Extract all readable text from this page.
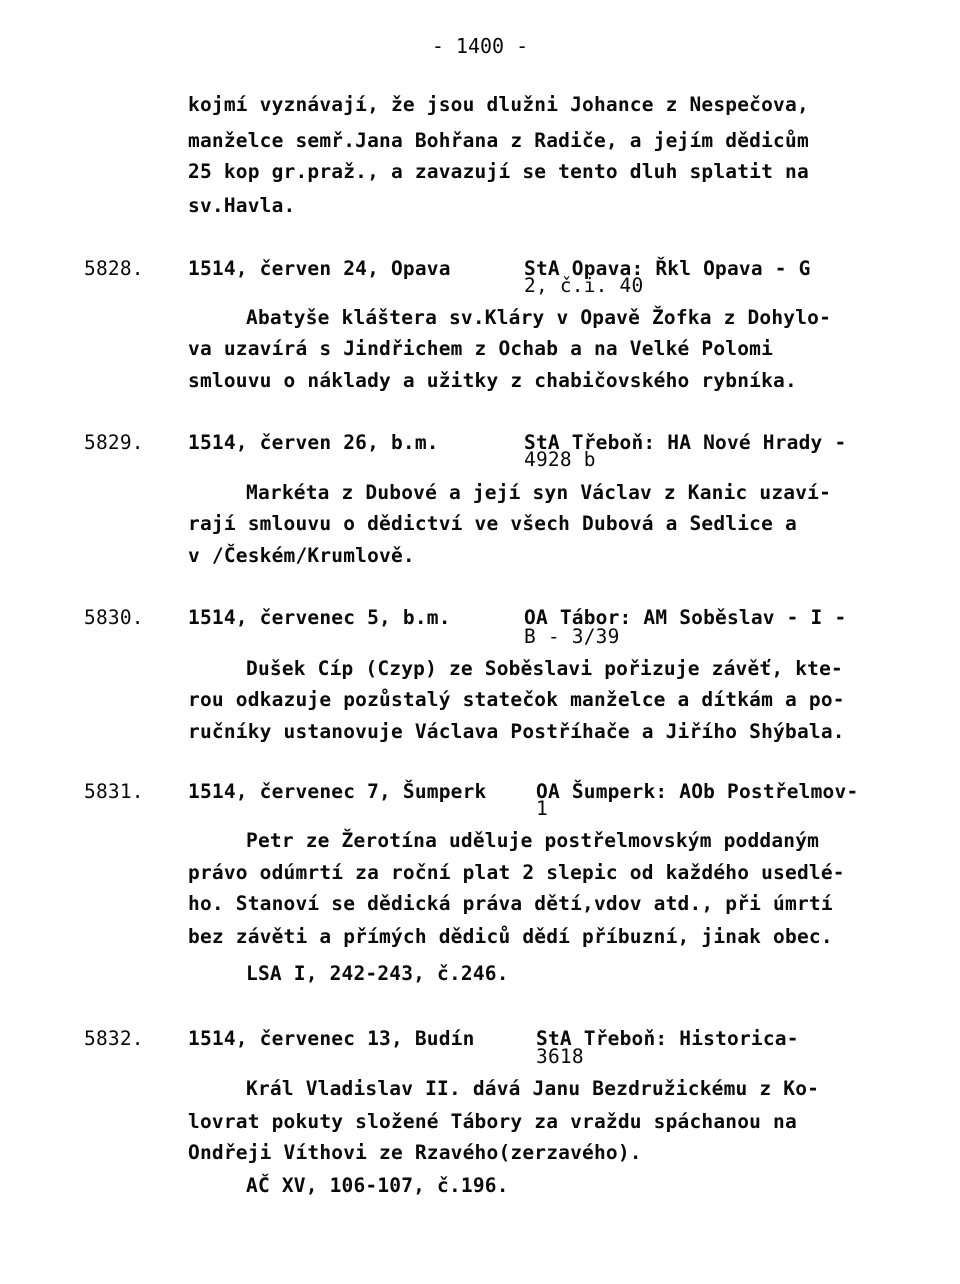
- 1400 -
kojmí vyznávají, že jsou dlužni Johance z Nespečova,
manželce semř.Jana Bohřana z Radiče, a jejím dědicům
25 kop gr.praž., a zavazují se tento dluh splatit na
sv.Havla.
5828. 1514, červen 24, Opava	StA Opava: Řkl Opava - G
2, č.i. 40
Abatyše kláštera sv.Kláry v Opavě Žofka z Dohylo-
va uzavírá s Jindřichem z Ochab a na Velké Polomi
smlouvu o náklady a užitky z chabičovského rybníka.
5829. 1514, červen 26, b.m.	StA Třeboň: HA Nové Hrady -
4928 b
Markéta z Dubové a její syn Václav z Kanic uzaví-
rají smlouvu o dědictví ve všech Dubová a Sedlice a
v /Českém/Krumlově.
5830. 1514, červenec 5, b.m.	OA Tábor: AM Soběslav - I -
B - 3/39
Dušek Cíp (Czyp) ze Soběslavi pořizuje závěť, kte-
rou odkazuje pozůstalý statečok manželce a dítkám a po-
ručníky ustanovuje Václava Postříhače a Jiřího Shýbala.
5831. 1514, červenec 7, Šumperk	OA Šumperk: AOb Postřelmov-
1
Petr ze Žerotína uděluje postřelmovským poddaným
právo odúmrtí za roční plat 2 slepic od každého usedlé-
ho. Stanoví se dědická práva dětí,vdov atd., při úmrtí
bez závěti a přímých dědiců dědí příbuzní, jinak obec.
LSA I, 242-243, č.246.
5832. 1514, červenec 13, Budín	StA Třeboň: Historica-
3618
Král Vladislav II. dává Janu Bezdružickému z Ko-
lovrat pokuty složené Tábory za vraždu spáchanou na
Ondřeji Víthovi ze Rzavého(zerzavého).
AČ XV, 106-107, č.196.
